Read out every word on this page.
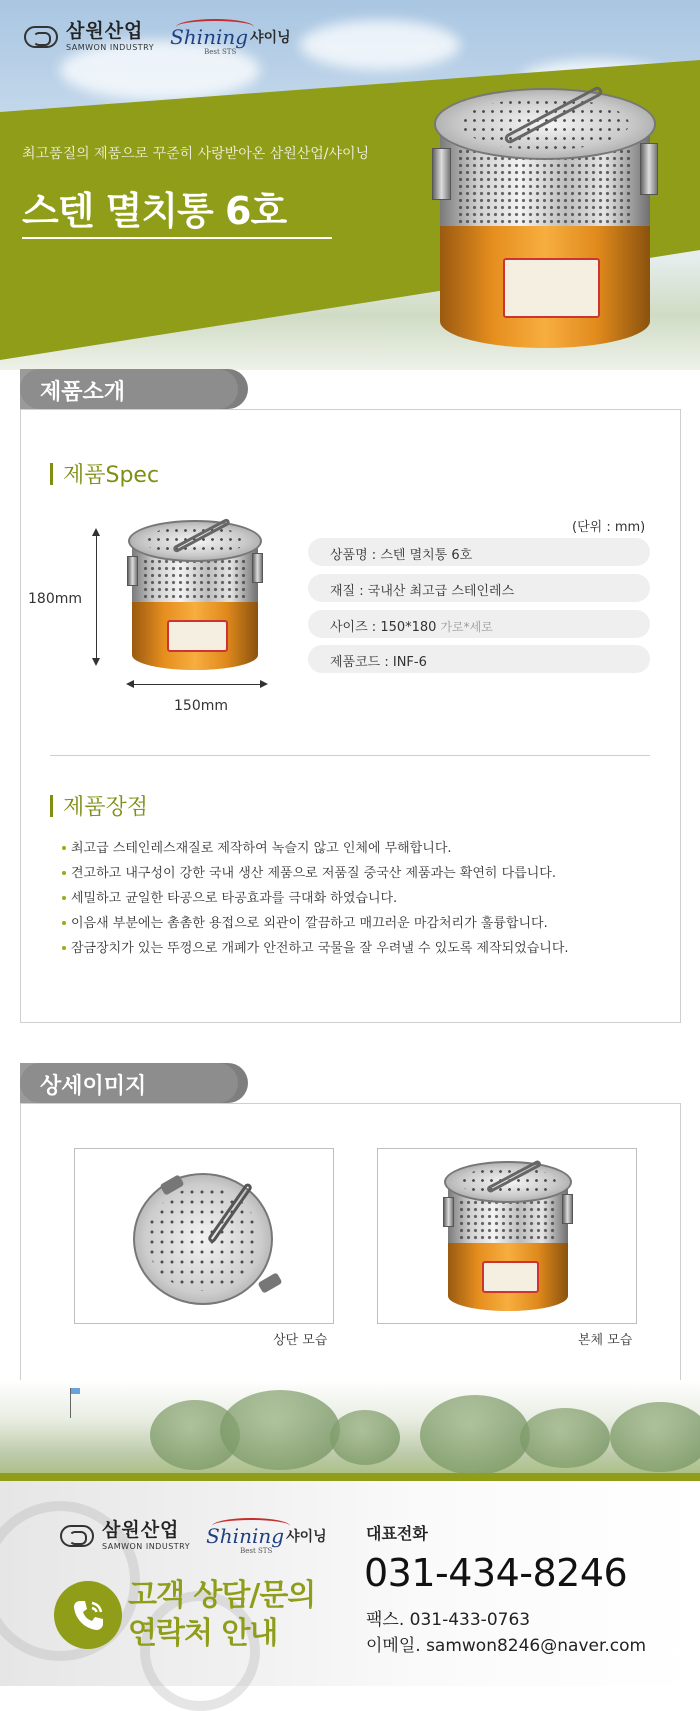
삼원산업
SAMWON INDUSTRY Shining 샤이닝
Best STS
최고품질의 제품으로 꾸준히 사랑받아온 삼원산업/샤이닝
스텐 멸치통 6호
제품소개
제품Spec
180mm
150mm
(단위 : mm)
상품명 : 스텐 멸치통 6호
재질 : 국내산 최고급 스테인레스
사이즈 : 150*180 가로*세로
제품코드 : INF-6
제품장점
최고급 스테인레스재질로 제작하여 녹슬지 않고 인체에 무해합니다.
견고하고 내구성이 강한 국내 생산 제품으로 저품질 중국산 제품과는 확연히 다릅니다.
세밀하고 균일한 타공으로 타공효과를 극대화 하였습니다.
이음새 부분에는 촘촘한 용접으로 외관이 깔끔하고 매끄러운 마감처리가 훌륭합니다.
잠금장치가 있는 뚜껑으로 개폐가 안전하고 국물을 잘 우려낼 수 있도록 제작되었습니다.
상세이미지
상단 모습	본체 모습
삼원산업
SAMWON INDUSTRY Shining 샤이닝
Best STS
고객 상담/문의
연락처 안내
대표전화
031-434-8246
팩스. 031-433-0763
이메일. samwon8246@naver.com
